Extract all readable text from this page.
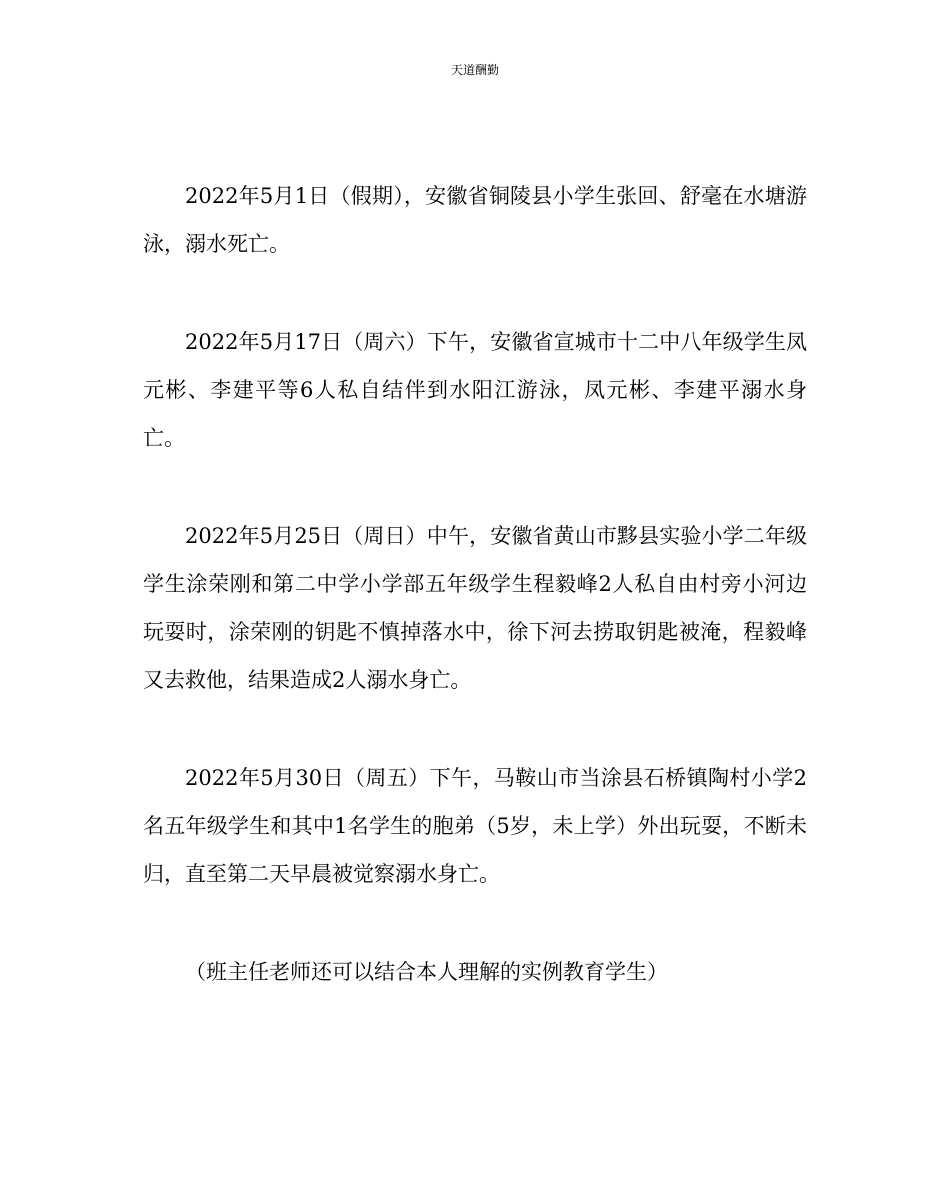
天道酬勤

2022年5月1日（假期），安徽省铜陵县小学生张回、舒毫在水塘游泳，溺水死亡。

2022年5月17日（周六）下午，安徽省宣城市十二中八年级学生凤元彬、李建平等6人私自结伴到水阳江游泳，凤元彬、李建平溺水身亡。

2022年5月25日（周日）中午，安徽省黄山市黟县实验小学二年级学生涂荣刚和第二中学小学部五年级学生程毅峰2人私自由村旁小河边玩耍时，涂荣刚的钥匙不慎掉落水中，徐下河去捞取钥匙被淹，程毅峰又去救他，结果造成2人溺水身亡。

2022年5月30日（周五）下午，马鞍山市当涂县石桥镇陶村小学2名五年级学生和其中1名学生的胞弟（5岁，未上学）外出玩耍，不断未归，直至第二天早晨被觉察溺水身亡。

（班主任老师还可以结合本人理解的实例教育学生）
